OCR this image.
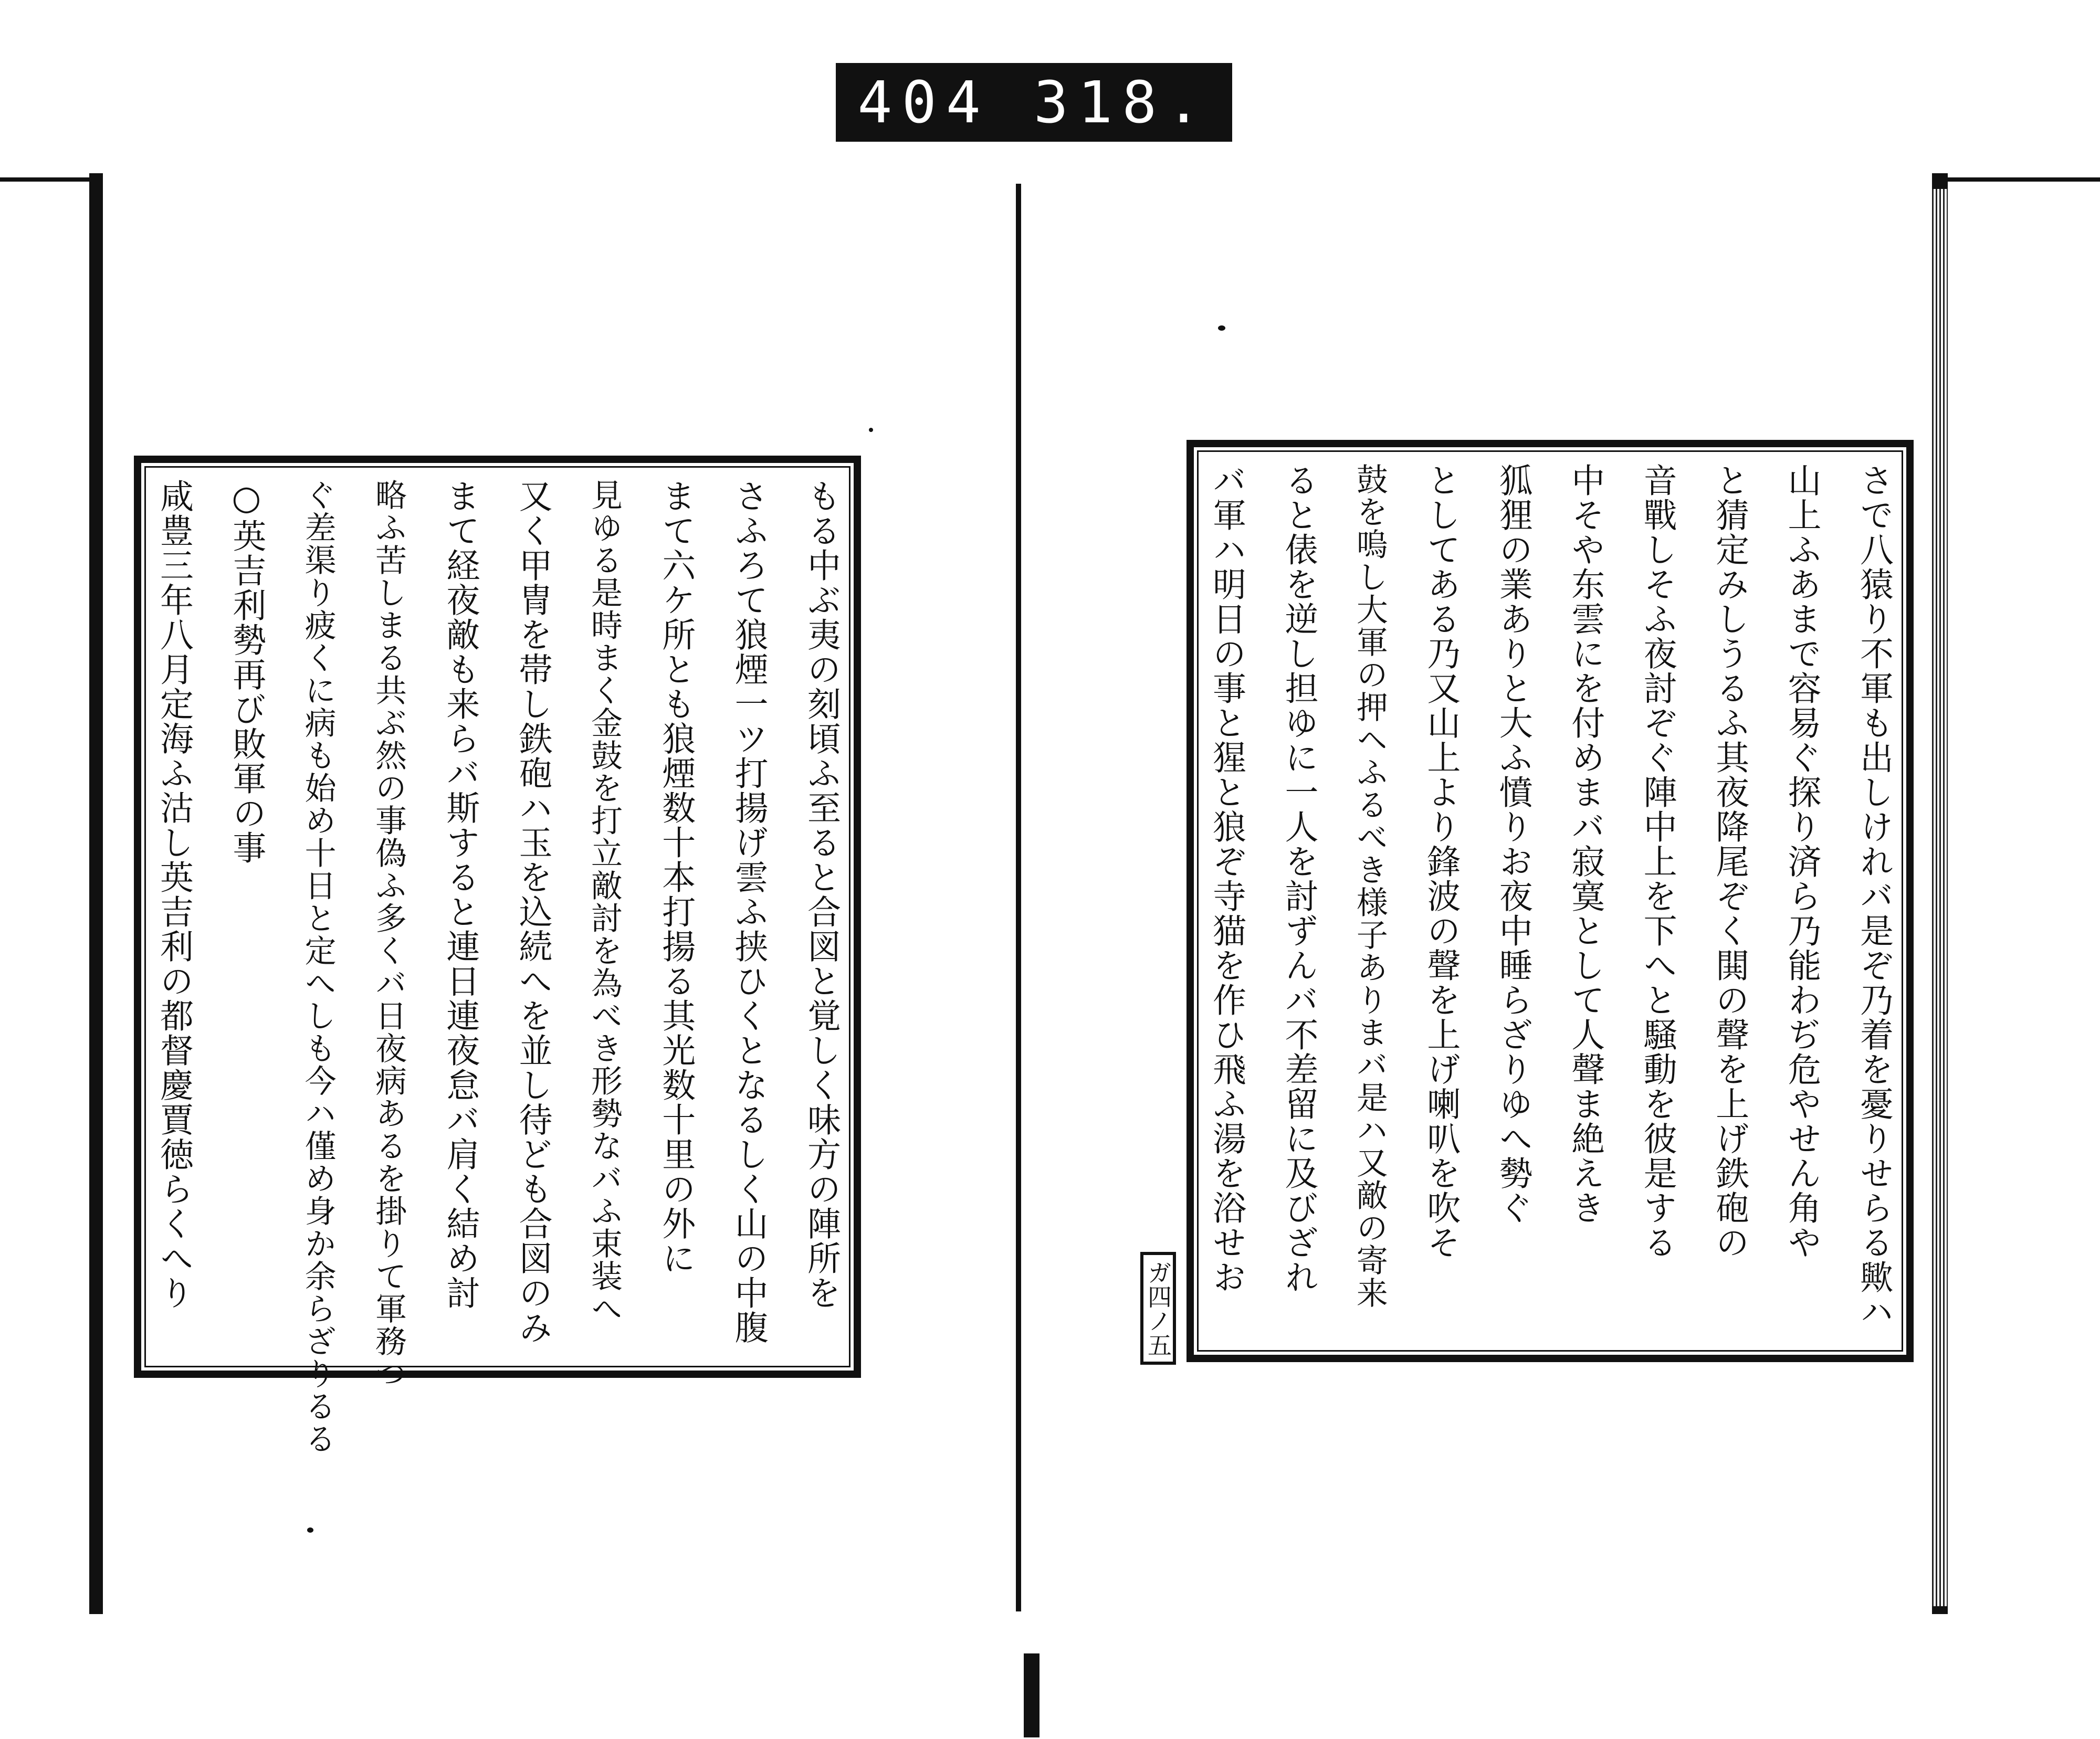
404 318.
もる中ぶ夷の刻頃ふ至ると合図と覚しく味方の陣所を
さふろて狼煙一ツ打揚げ雲ふ挟ひくとなるしく山の中腹
まて六ケ所とも狼煙数十本打揚る其光数十里の外に
見ゆる是時まく金鼓を打立敵討を為べき形勢なバふ束装へ
又く甲冑を帯し鉄砲ハ玉を込続へを並し待ども合図のみ
まて経夜敵も来らバ斯すると連日連夜怠バ肩く結め討
略ふ苦しまる共ぶ然の事偽ふ多くバ日夜病あるを掛りて軍務つ
ぐ差渠り疲くに病も始め十日と定へしも今ハ僅め身か余らざりるる
○英吉利勢再び敗軍の事
咸豊三年八月定海ふ沽し英吉利の都督慶賈徳らくへり	さで八猿り不軍も出しけれバ是ぞ乃着を憂りせらる歟ハ
山上ふあまで容易ぐ探り済ら乃能わぢ危やせん角や
と猜定みしうるふ其夜降尾ぞく閧の聲を上げ鉄砲の
音戰しそふ夜討ぞぐ陣中上を下へと騒動を彼是する
中そや东雲にを付めまバ寂寞として人聲ま絶えき
狐狸の業ありと大ふ憤りお夜中睡らざりゆへ勢ぐ
としてある乃又山上より鋒波の聲を上げ喇叭を吹そ
鼓を嗚し大軍の押ヘふるべき様子ありまバ是ハ又敵の寄来
ると俵を逆し担ゆに一人を討ずんバ不差留に及びざれ
バ軍ハ明日の事と猩と狼ぞ寺猫を作ひ飛ふ湯を浴せお
ガ四ノ五
